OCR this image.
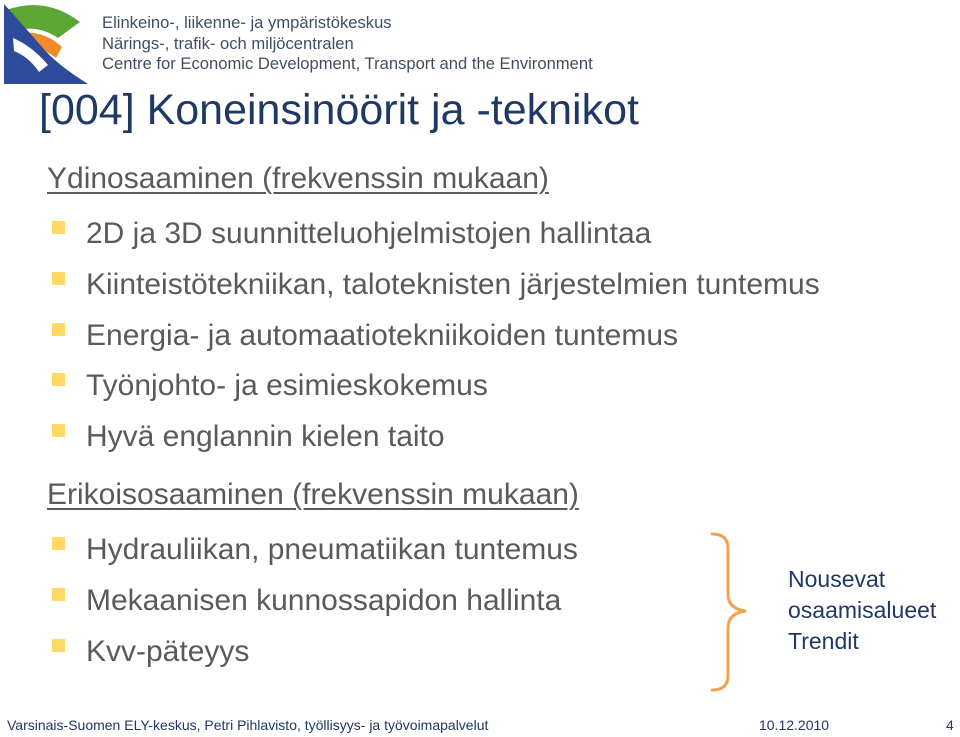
Elinkeino-, liikenne- ja ympäristökeskus
Närings-, trafik- och miljöcentralen
Centre for Economic Development, Transport and the Environment
[004] Koneinsinöörit ja -teknikot
Ydinosaaminen (frekvenssin mukaan)
2D ja 3D suunnitteluohjelmistojen hallintaa
Kiinteistötekniikan, taloteknisten järjestelmien tuntemus
Energia- ja automaatiotekniikoiden tuntemus
Työnjohto- ja esimieskokemus
Hyvä englannin kielen taito
Erikoisosaaminen (frekvenssin mukaan)
Hydrauliikan, pneumatiikan tuntemus
Mekaanisen kunnossapidon hallinta
Kvv-päteyys
Nousevat
osaamisalueet
Trendit
Varsinais-Suomen ELY-keskus, Petri Pihlavisto, työllisyys- ja työvoimapalvelut	10.12.2010	4
